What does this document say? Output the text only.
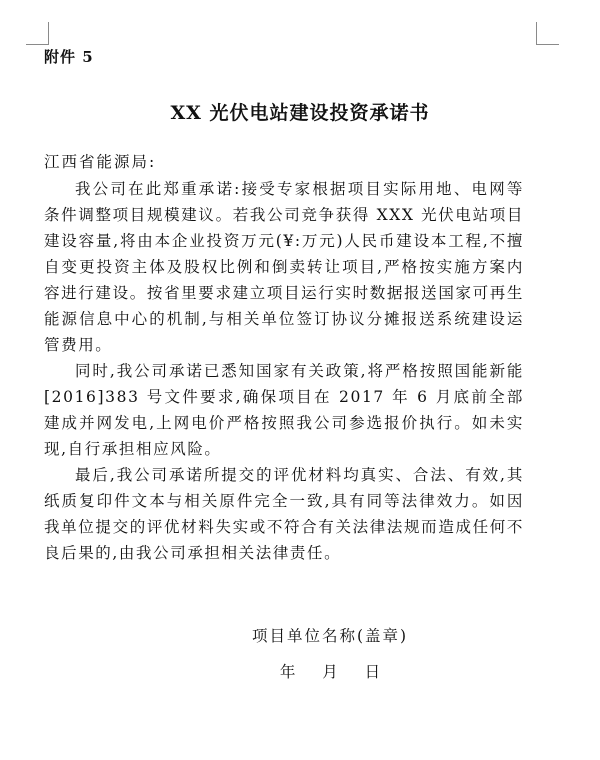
附件 5
XX 光伏电站建设投资承诺书
江西省能源局:

我公司在此郑重承诺:接受专家根据项目实际用地、电网等条件调整项目规模建议。若我公司竞争获得 XXX 光伏电站项目建设容量,将由本企业投资万元(¥:万元)人民币建设本工程,不擅自变更投资主体及股权比例和倒卖转让项目,严格按实施方案内容进行建设。按省里要求建立项目运行实时数据报送国家可再生能源信息中心的机制,与相关单位签订协议分摊报送系统建设运管费用。

同时,我公司承诺已悉知国家有关政策,将严格按照国能新能[2016]383 号文件要求,确保项目在 2017 年 6 月底前全部建成并网发电,上网电价严格按照我公司参选报价执行。如未实现,自行承担相应风险。

最后,我公司承诺所提交的评优材料均真实、合法、有效,其纸质复印件文本与相关原件完全一致,具有同等法律效力。如因我单位提交的评优材料失实或不符合有关法律法规而造成任何不良后果的,由我公司承担相关法律责任。

项目单位名称(盖章)
年 月 日
